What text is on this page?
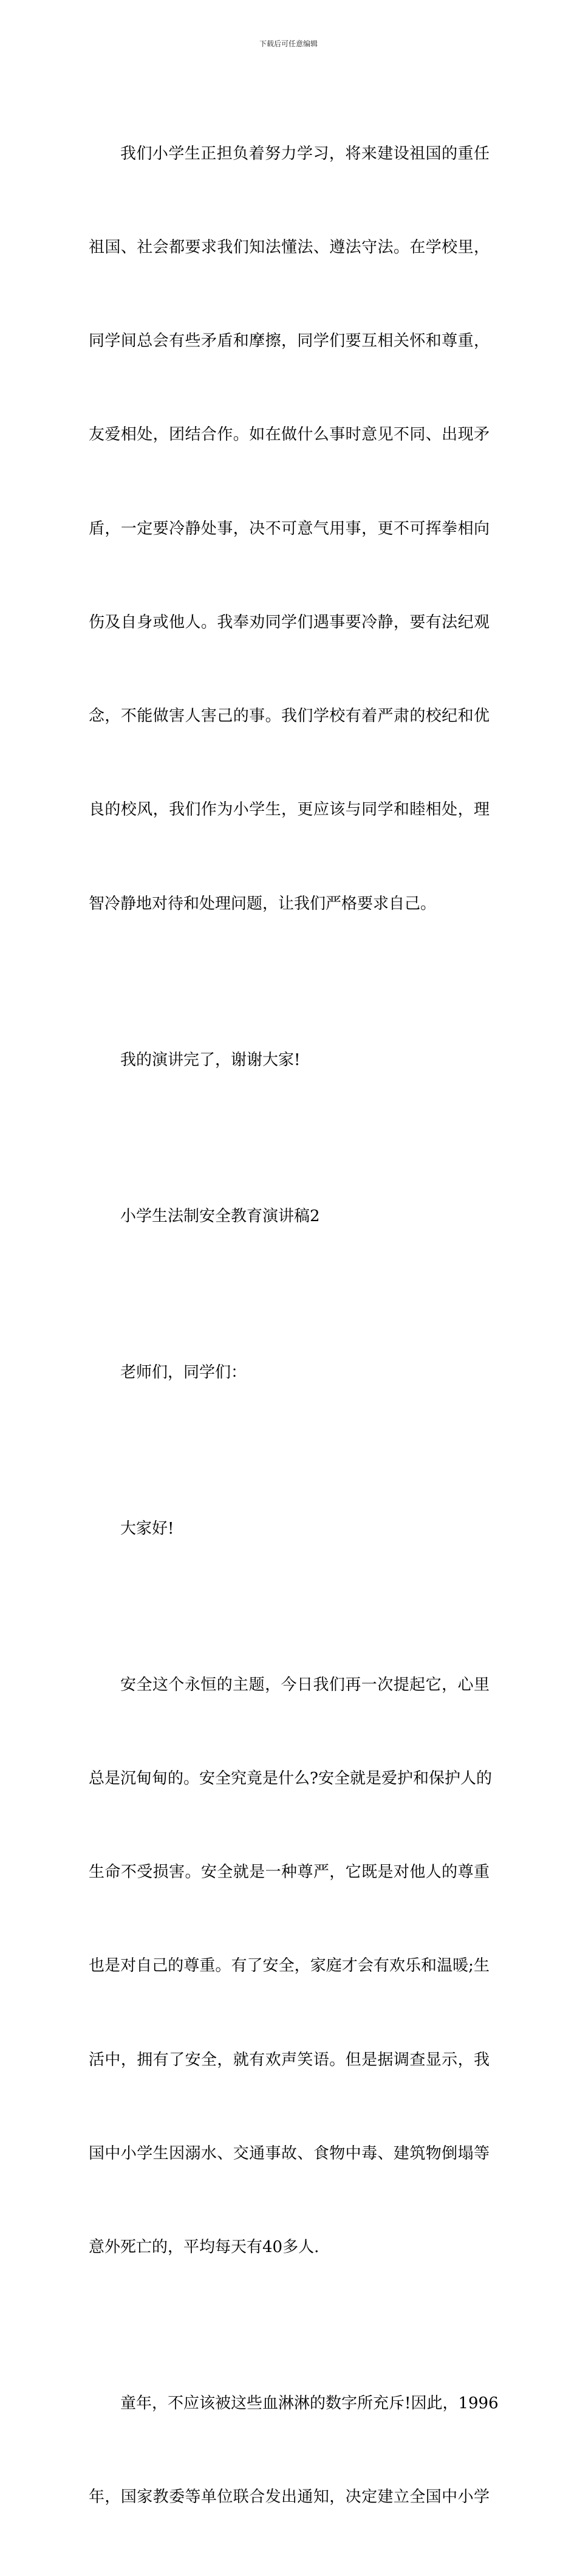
下载后可任意编辑

我们小学生正担负着努力学习，将来建设祖国的重任

祖国、社会都要求我们知法懂法、遵法守法。在学校里，

同学间总会有些矛盾和摩擦，同学们要互相关怀和尊重，

友爱相处，团结合作。如在做什么事时意见不同、出现矛

盾，一定要冷静处事，决不可意气用事，更不可挥拳相向

伤及自身或他人。我奉劝同学们遇事要冷静，要有法纪观

念，不能做害人害己的事。我们学校有着严肃的校纪和优

良的校风，我们作为小学生，更应该与同学和睦相处，理

智冷静地对待和处理问题，让我们严格要求自己。

我的演讲完了，谢谢大家!

小学生法制安全教育演讲稿2

老师们，同学们：

大家好!

安全这个永恒的主题，今日我们再一次提起它，心里

总是沉甸甸的。安全究竟是什么?安全就是爱护和保护人的

生命不受损害。安全就是一种尊严，它既是对他人的尊重

也是对自己的尊重。有了安全，家庭才会有欢乐和温暖;生

活中，拥有了安全，就有欢声笑语。但是据调查显示，我

国中小学生因溺水、交通事故、食物中毒、建筑物倒塌等

意外死亡的，平均每天有40多人.

童年，不应该被这些血淋淋的数字所充斥!因此，1996

年，国家教委等单位联合发出通知，决定建立全国中小学
